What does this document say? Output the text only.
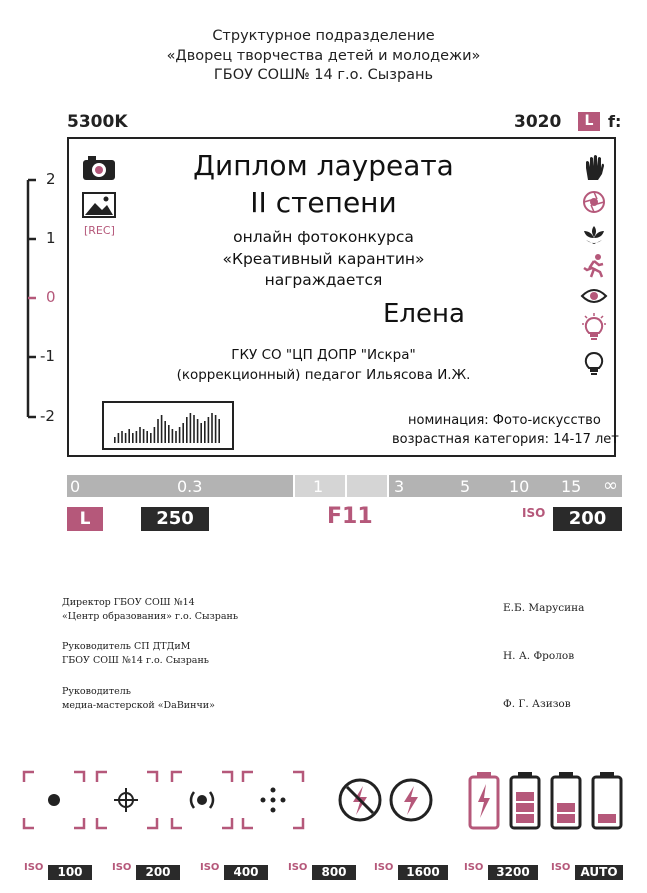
Структурное подразделение
«Дворец творчества детей и молодежи»
ГБОУ СОШ№ 14 г.о. Сызрань
5300K	3020	L f:
2
1
0
-1
-2
[REC]
Диплом лауреата
II степени
онлайн фотоконкурса
«Креативный карантин»
награждается
Елена
ГКУ СО "ЦП ДОПР "Искра"
(коррекционный) педагог Ильясова И.Ж.
номинация: Фото-искусство
возрастная категория: 14-17 лет
0	0.3	1	3	5 10 15 ∞
L	250	F11	ISO	200
Директор ГБОУ СОШ №14
«Центр образования» г.о. Сызрань
Е.Б. Марусина
Руководитель СП ДТДиМ
ГБОУ СОШ №14 г.о. Сызрань	Н. А. Фролов
Руководитель
медиа-мастерской «DaВинчи»	Ф. Г. Азизов
ISO	100	ISO	200	ISO	400	ISO	800	ISO	1600	ISO	3200	ISO AUTO
